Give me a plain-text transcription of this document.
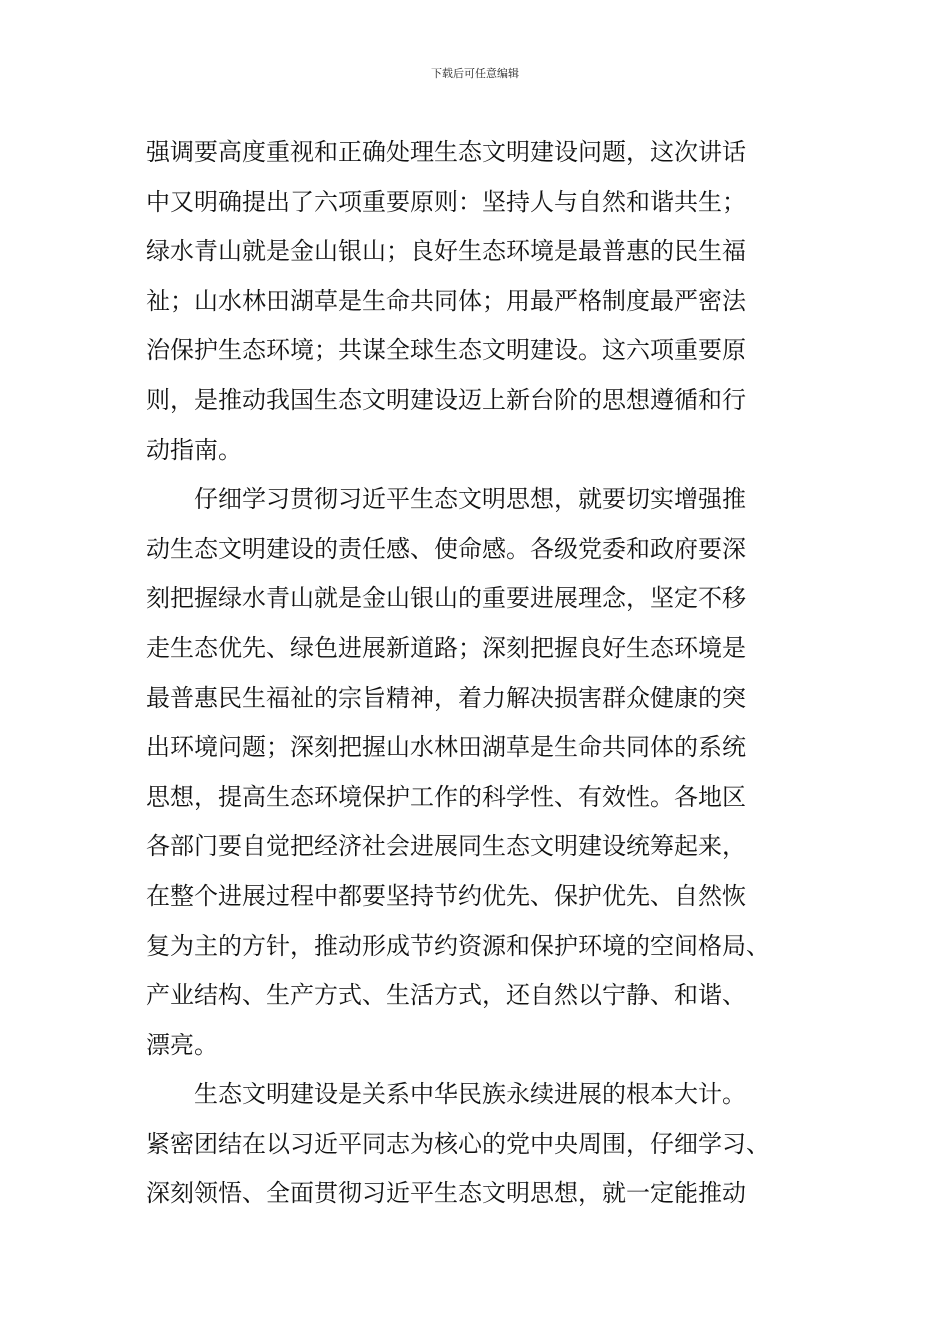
下载后可任意编辑
强调要高度重视和正确处理生态文明建设问题，这次讲话
中又明确提出了六项重要原则：坚持人与自然和谐共生；
绿水青山就是金山银山；良好生态环境是最普惠的民生福
祉；山水林田湖草是生命共同体；用最严格制度最严密法
治保护生态环境；共谋全球生态文明建设。这六项重要原
则，是推动我国生态文明建设迈上新台阶的思想遵循和行
动指南。
仔细学习贯彻习近平生态文明思想，就要切实增强推
动生态文明建设的责任感、使命感。各级党委和政府要深
刻把握绿水青山就是金山银山的重要进展理念，坚定不移
走生态优先、绿色进展新道路；深刻把握良好生态环境是
最普惠民生福祉的宗旨精神，着力解决损害群众健康的突
出环境问题；深刻把握山水林田湖草是生命共同体的系统
思想，提高生态环境保护工作的科学性、有效性。各地区
各部门要自觉把经济社会进展同生态文明建设统筹起来，
在整个进展过程中都要坚持节约优先、保护优先、自然恢
复为主的方针，推动形成节约资源和保护环境的空间格局、
产业结构、生产方式、生活方式，还自然以宁静、和谐、
漂亮。
生态文明建设是关系中华民族永续进展的根本大计。
紧密团结在以习近平同志为核心的党中央周围，仔细学习、
深刻领悟、全面贯彻习近平生态文明思想，就一定能推动
